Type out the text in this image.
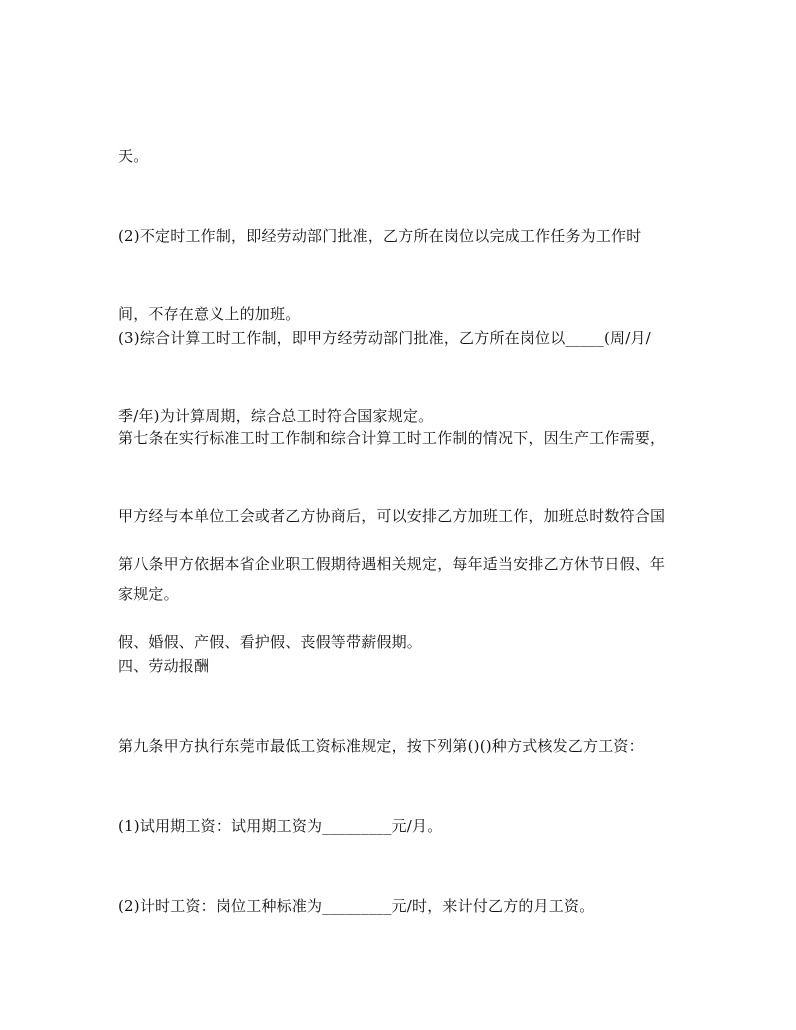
天。

(2)不定时工作制，即经劳动部门批准，乙方所在岗位以完成工作任务为工作时

间，不存在意义上的加班。

(3)综合计算工时工作制，即甲方经劳动部门批准，乙方所在岗位以_____(周/月/

季/年)为计算周期，综合总工时符合国家规定。

第七条在实行标准工时工作制和综合计算工时工作制的情况下，因生产工作需要，

甲方经与本单位工会或者乙方协商后，可以安排乙方加班工作，加班总时数符合国

家规定。

第八条甲方依据本省企业职工假期待遇相关规定，每年适当安排乙方休节日假、年

假、婚假、产假、看护假、丧假等带薪假期。

四、劳动报酬

第九条甲方执行东莞市最低工资标准规定，按下列第()()种方式核发乙方工资：

(1)试用期工资：试用期工资为_________元/月。

(2)计时工资：岗位工种标准为_________元/时，来计付乙方的月工资。
